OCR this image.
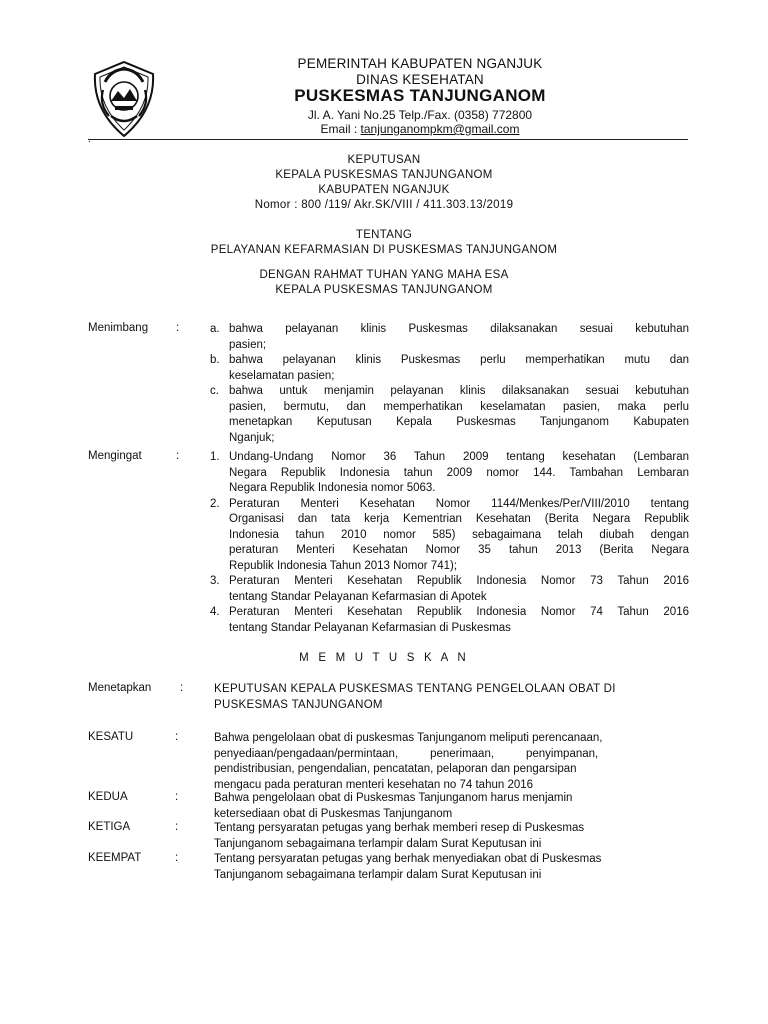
PEMERINTAH KABUPATEN NGANJUK
DINAS KESEHATAN
PUSKESMAS TANJUNGANOM
Jl. A. Yani No.25 Telp./Fax. (0358) 772800
Email : tanjunganompkm@gmail.com
.
KEPUTUSAN
KEPALA PUSKESMAS TANJUNGANOM
KABUPATEN NGANJUK
Nomor : 800 /119/ Akr.SK/VIII / 411.303.13/2019
TENTANG
PELAYANAN KEFARMASIAN DI PUSKESMAS TANJUNGANOM
DENGAN RAHMAT TUHAN YANG MAHA ESA
KEPALA PUSKESMAS TANJUNGANOM
Menimbang :	a. bahwa pelayanan klinis Puskesmas dilaksanakan sesuai kebutuhan
pasien;
b. bahwa pelayanan klinis Puskesmas perlu memperhatikan mutu dan
keselamatan pasien;
c. bahwa untuk menjamin pelayanan klinis dilaksanakan sesuai kebutuhan
pasien, bermutu, dan memperhatikan keselamatan pasien, maka perlu
menetapkan Keputusan Kepala Puskesmas Tanjunganom Kabupaten
Nganjuk;
Mengingat	:	1. Undang-Undang Nomor 36 Tahun 2009 tentang kesehatan (Lembaran
Negara Republik Indonesia tahun 2009 nomor 144. Tambahan Lembaran
Negara Republik Indonesia nomor 5063.
2. Peraturan Menteri Kesehatan Nomor 1144/Menkes/Per/VIII/2010 tentang
Organisasi dan tata kerja Kementrian Kesehatan (Berita Negara Republik
Indonesia tahun 2010 nomor 585) sebagaimana telah diubah dengan
peraturan Menteri Kesehatan Nomor 35 tahun 2013 (Berita Negara
Republik Indonesia Tahun 2013 Nomor 741);
3. Peraturan Menteri Kesehatan Republik Indonesia Nomor 73 Tahun 2016
tentang Standar Pelayanan Kefarmasian di Apotek
4. Peraturan Menteri Kesehatan Republik Indonesia Nomor 74 Tahun 2016
tentang Standar Pelayanan Kefarmasian di Puskesmas
M E M U T U S K A N
Menetapkan :	KEPUTUSAN KEPALA PUSKESMAS TENTANG PENGELOLAAN OBAT DI
PUSKESMAS TANJUNGANOM
KESATU	:	Bahwa pengelolaan obat di puskesmas Tanjunganom meliputi perencanaan,
penyediaan/pengadaan/permintaan,          penerimaan,          penyimpanan,
pendistribusian, pengendalian, pencatatan, pelaporan dan pengarsipan
mengacu pada peraturan menteri kesehatan no 74 tahun 2016
KEDUA	:	Bahwa pengelolaan obat di Puskesmas Tanjunganom harus menjamin
ketersediaan obat di Puskesmas Tanjunganom
KETIGA	:	Tentang persyaratan petugas yang berhak memberi resep di Puskesmas
Tanjunganom sebagaimana terlampir dalam Surat Keputusan ini
KEEMPAT	:	Tentang persyaratan petugas yang berhak menyediakan obat di Puskesmas
Tanjunganom sebagaimana terlampir dalam Surat Keputusan ini
